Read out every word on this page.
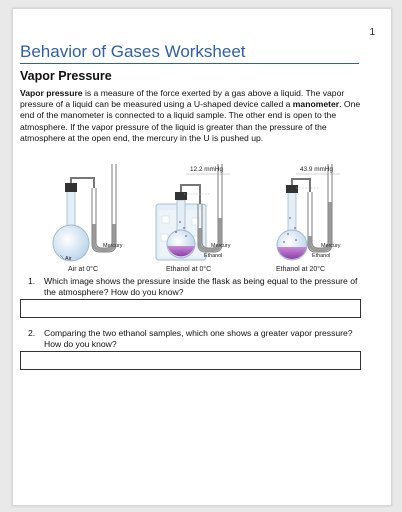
1
Behavior of Gases Worksheet
Vapor Pressure
Vapor pressure is a measure of the force exerted by a gas above a liquid. The vapor pressure of a liquid can be measured using a U-shaped device called a manometer. One end of the manometer is connected to a liquid sample. The other end is open to the atmosphere. If the vapor pressure of the liquid is greater than the pressure of the atmosphere at the open end, the mercury in the U is pushed up.
Mercury
Air
Air at 0°C
12.2 mmHg
Mercury
Ethanol
Ethanol at 0°C
43.9 mmHg
Mercury
Ethanol
Ethanol at 20°C
1. Which image shows the pressure inside the flask as being equal to the pressure of the atmosphere? How do you know?
2. Comparing the two ethanol samples, which one shows a greater vapor pressure? How do you know?
